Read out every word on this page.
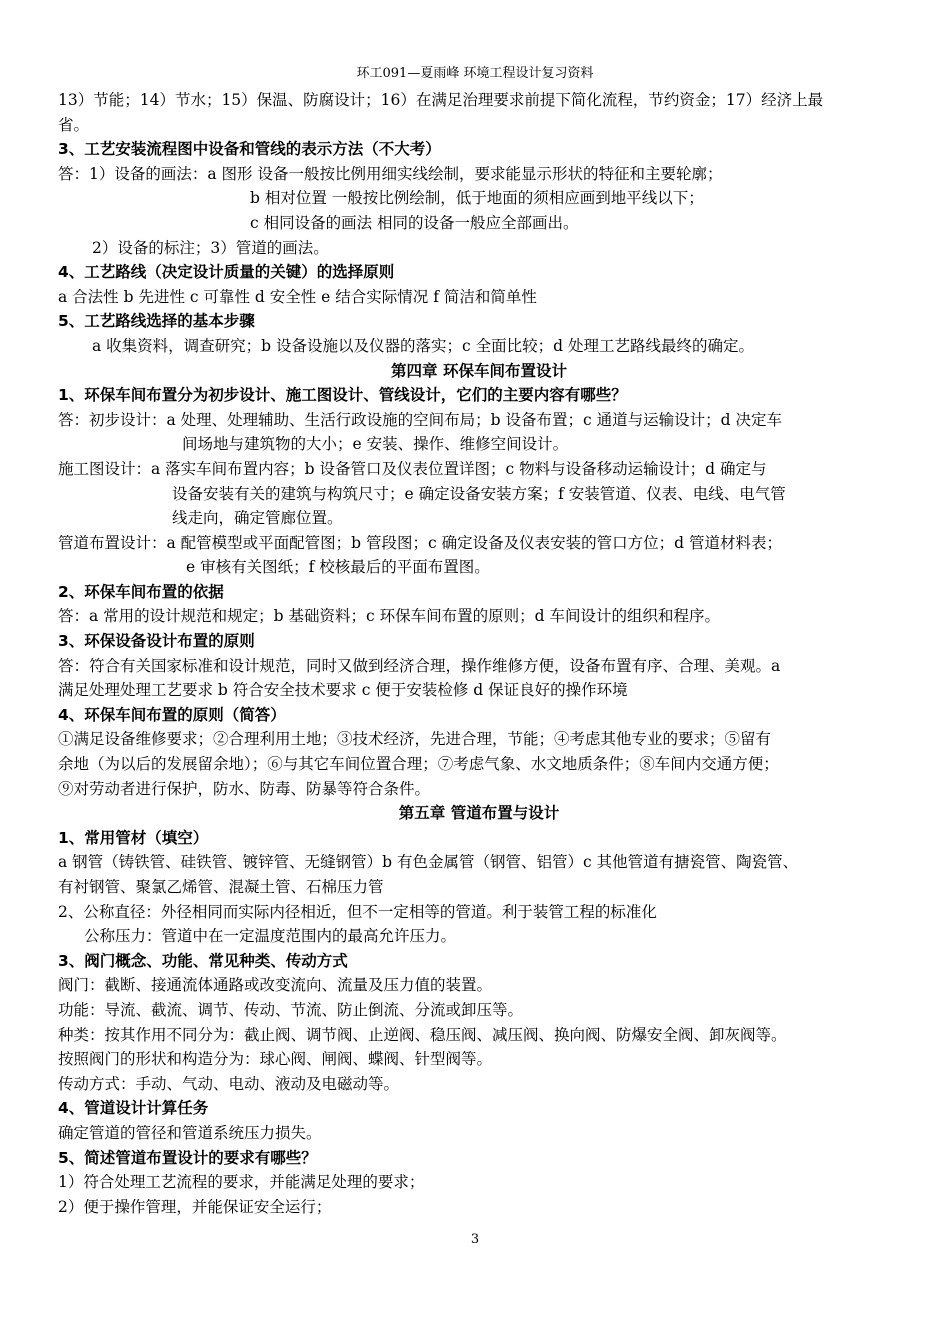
环工091—夏雨峰 环境工程设计复习资料
13）节能；14）节水；15）保温、防腐设计；16）在满足治理要求前提下简化流程，节约资金；17）经济上最
省。
3、工艺安装流程图中设备和管线的表示方法（不大考）
答：1）设备的画法：a 图形 设备一般按比例用细实线绘制，要求能显示形状的特征和主要轮廓；
b 相对位置 一般按比例绘制，低于地面的须相应画到地平线以下；
c 相同设备的画法 相同的设备一般应全部画出。
2）设备的标注；3）管道的画法。
4、工艺路线（决定设计质量的关键）的选择原则
a 合法性 b 先进性 c 可靠性 d 安全性 e 结合实际情况 f 简洁和简单性
5、工艺路线选择的基本步骤
a 收集资料，调查研究；b 设备设施以及仪器的落实；c 全面比较；d 处理工艺路线最终的确定。
第四章 环保车间布置设计
1、环保车间布置分为初步设计、施工图设计、管线设计，它们的主要内容有哪些？
答：初步设计：a 处理、处理辅助、生活行政设施的空间布局；b 设备布置；c 通道与运输设计；d 决定车
间场地与建筑物的大小；e 安装、操作、维修空间设计。
施工图设计：a 落实车间布置内容；b 设备管口及仪表位置详图；c 物料与设备移动运输设计；d 确定与
设备安装有关的建筑与构筑尺寸；e 确定设备安装方案；f 安装管道、仪表、电线、电气管
线走向，确定管廊位置。
管道布置设计：a 配管模型或平面配管图；b 管段图；c 确定设备及仪表安装的管口方位；d 管道材料表；
e 审核有关图纸；f 校核最后的平面布置图。
2、环保车间布置的依据
答：a 常用的设计规范和规定；b 基础资料；c 环保车间布置的原则；d 车间设计的组织和程序。
3、环保设备设计布置的原则
答：符合有关国家标准和设计规范，同时又做到经济合理，操作维修方便，设备布置有序、合理、美观。a
满足处理处理工艺要求 b 符合安全技术要求 c 便于安装检修 d 保证良好的操作环境
4、环保车间布置的原则（简答）
①满足设备维修要求；②合理利用土地；③技术经济，先进合理，节能；④考虑其他专业的要求；⑤留有
余地（为以后的发展留余地）；⑥与其它车间位置合理；⑦考虑气象、水文地质条件；⑧车间内交通方便；
⑨对劳动者进行保护，防水、防毒、防暴等符合条件。
第五章 管道布置与设计
1、常用管材（填空）
a 钢管（铸铁管、硅铁管、镀锌管、无缝钢管）b 有色金属管（钢管、铝管）c 其他管道有搪瓷管、陶瓷管、
有衬钢管、聚氯乙烯管、混凝土管、石棉压力管
2、公称直径：外径相同而实际内径相近，但不一定相等的管道。利于装管工程的标准化
公称压力：管道中在一定温度范围内的最高允许压力。
3、阀门概念、功能、常见种类、传动方式
阀门：截断、接通流体通路或改变流向、流量及压力值的装置。
功能：导流、截流、调节、传动、节流、防止倒流、分流或卸压等。
种类：按其作用不同分为：截止阀、调节阀、止逆阀、稳压阀、减压阀、换向阀、防爆安全阀、卸灰阀等。
按照阀门的形状和构造分为：球心阀、闸阀、蝶阀、针型阀等。
传动方式：手动、气动、电动、液动及电磁动等。
4、管道设计计算任务
确定管道的管径和管道系统压力损失。
5、简述管道布置设计的要求有哪些？
1）符合处理工艺流程的要求，并能满足处理的要求；
2）便于操作管理，并能保证安全运行；
3
